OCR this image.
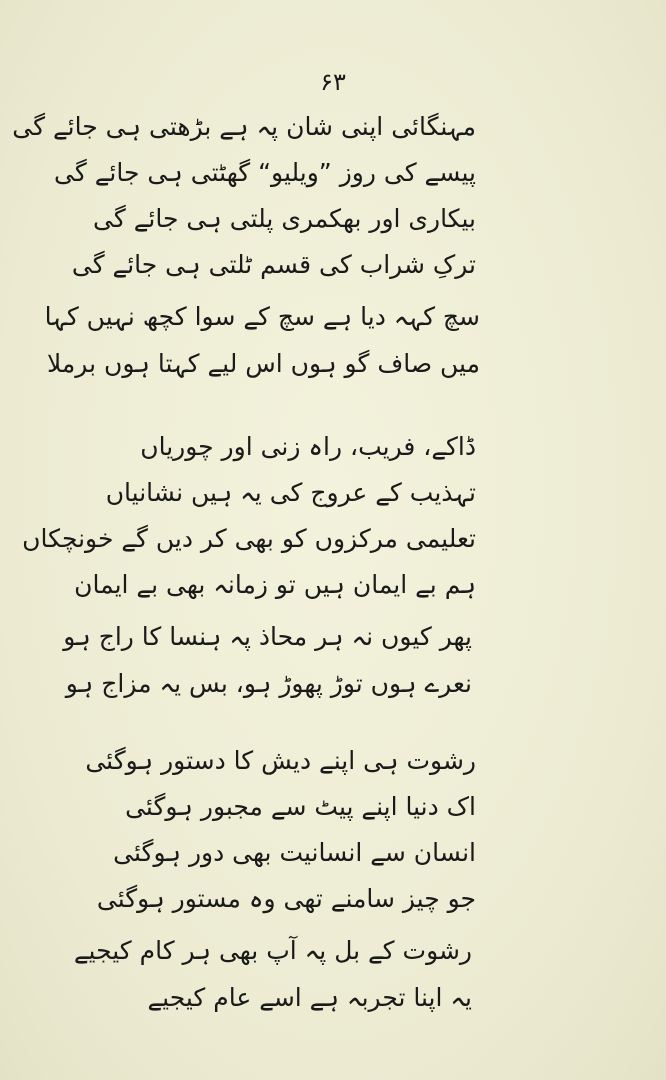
۶۳
مہنگائی اپنی شان پہ ہے بڑھتی ہی جائے گی
پیسے کی روز ”ویلیو“ گھٹتی ہی جائے گی
بیکاری اور بھکمری پلتی ہی جائے گی
ترکِ شراب کی قسم ٹلتی ہی جائے گی
سچ کہہ دیا ہے سچ کے سوا کچھ نہیں کہا
میں صاف گو ہوں اس لیے کہتا ہوں برملا
ڈاکے، فریب، راہ زنی اور چوریاں
تہذیب کے عروج کی یہ ہیں نشانیاں
تعلیمی مرکزوں کو بھی کر دیں گے خونچکاں
ہم بے ایمان ہیں تو زمانہ بھی بے ایمان
پھر کیوں نہ ہر محاذ پہ ہنسا کا راج ہو
نعرے ہوں توڑ پھوڑ ہو، بس یہ مزاج ہو
رشوت ہی اپنے دیش کا دستور ہوگئی
اک دنیا اپنے پیٹ سے مجبور ہوگئی
انسان سے انسانیت بھی دور ہوگئی
جو چیز سامنے تھی وہ مستور ہوگئی
رشوت کے بل پہ آپ بھی ہر کام کیجیے
یہ اپنا تجربہ ہے اسے عام کیجیے
